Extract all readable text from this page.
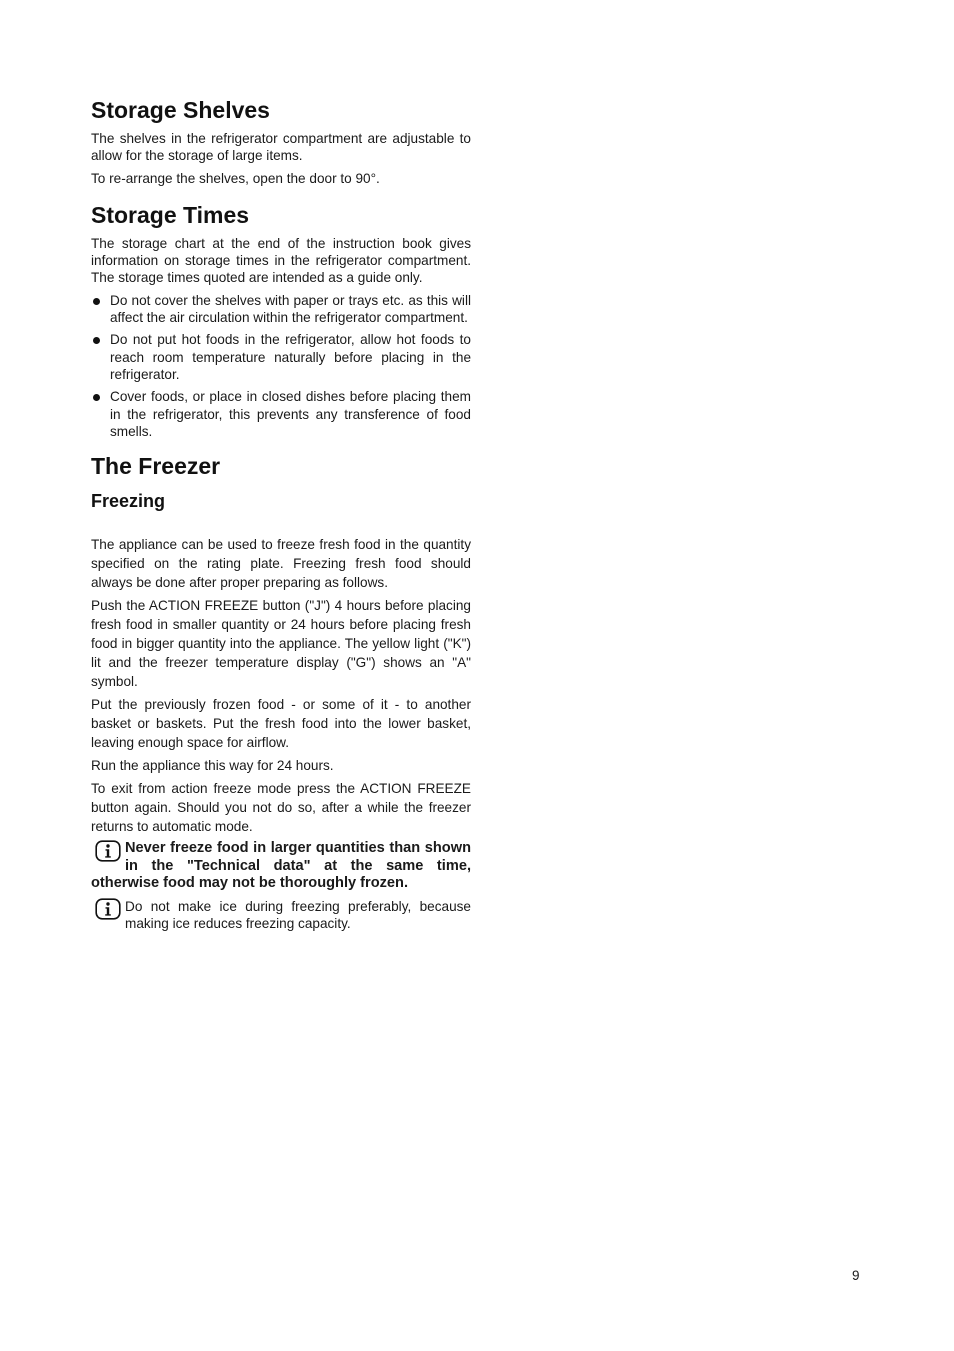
Storage Shelves

The shelves in the refrigerator compartment are adjustable to allow for the storage of large items.

To re-arrange the shelves, open the door to 90°.

Storage Times

The storage chart at the end of the instruction book gives information on storage times in the refrigerator compartment. The storage times quoted are intended as a guide only.

Do not cover the shelves with paper or trays etc. as this will affect the air circulation within the refrigerator compartment.
Do not put hot foods in the refrigerator, allow hot foods to reach room temperature naturally before placing in the refrigerator.
Cover foods, or place in closed dishes before placing them in the refrigerator, this prevents any transference of food smells.
The Freezer
Freezing

The appliance can be used to freeze fresh food in the quantity specified on the rating plate. Freezing fresh food should always be done after proper preparing as follows.

Push the ACTION FREEZE button ("J") 4 hours before placing fresh food in smaller quantity or 24 hours before placing fresh food in bigger quantity into the appliance. The yellow light ("K") lit and the freezer temperature display ("G") shows an "A" symbol.

Put the previously frozen food - or some of it - to another basket or baskets. Put the fresh food into the lower basket, leaving enough space for airflow.

Run the appliance this way for 24 hours.

To exit from action freeze mode press the ACTION FREEZE button again. Should you not do so, after a while the freezer returns to automatic mode.

Never freeze food in larger quantities than shown in the "Technical data" at the same time, otherwise food may not be thoroughly frozen.

Do not make ice during freezing preferably, because making ice reduces freezing capacity.

9
